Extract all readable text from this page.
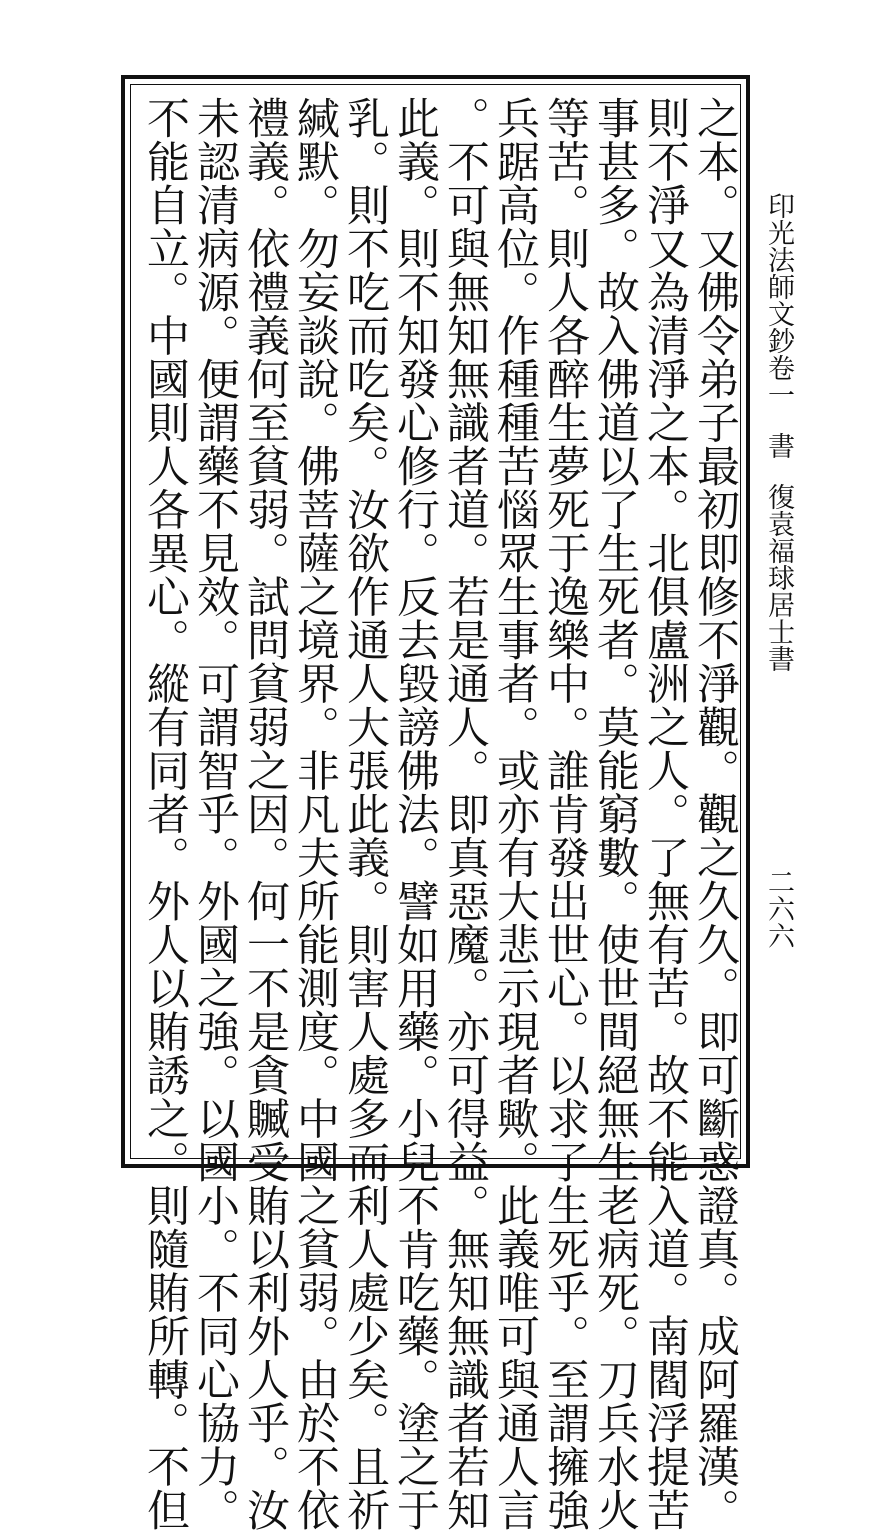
印光法師文鈔卷一書復袁福球居士書
二六六
之本。又佛令弟子最初即修不淨觀。觀之久久。即可斷惑證真。成阿羅漢。
則不淨又為清淨之本。北俱盧洲之人。了無有苦。故不能入道。南閻浮提苦
事甚多。故入佛道以了生死者。莫能窮數。使世間絕無生老病死。刀兵水火
等苦。則人各醉生夢死于逸樂中。誰肯發出世心。以求了生死乎。至謂擁強
兵踞高位。作種種苦惱眾生事者。或亦有大悲示現者歟。此義唯可與通人言
。不可與無知無識者道。若是通人。即真惡魔。亦可得益。無知無識者若知
此義。則不知發心修行。反去毀謗佛法。譬如用藥。小兒不肯吃藥。塗之于
乳。則不吃而吃矣。汝欲作通人大張此義。則害人處多而利人處少矣。且祈
緘默。勿妄談說。佛菩薩之境界。非凡夫所能測度。中國之貧弱。由於不依
禮義。依禮義何至貧弱。試問貧弱之因。何一不是貪贓受賄以利外人乎。汝
未認清病源。便謂藥不見效。可謂智乎。外國之強。以國小。不同心協力。
不能自立。中國則人各異心。縱有同者。外人以賄誘之。則隨賄所轉。不但
